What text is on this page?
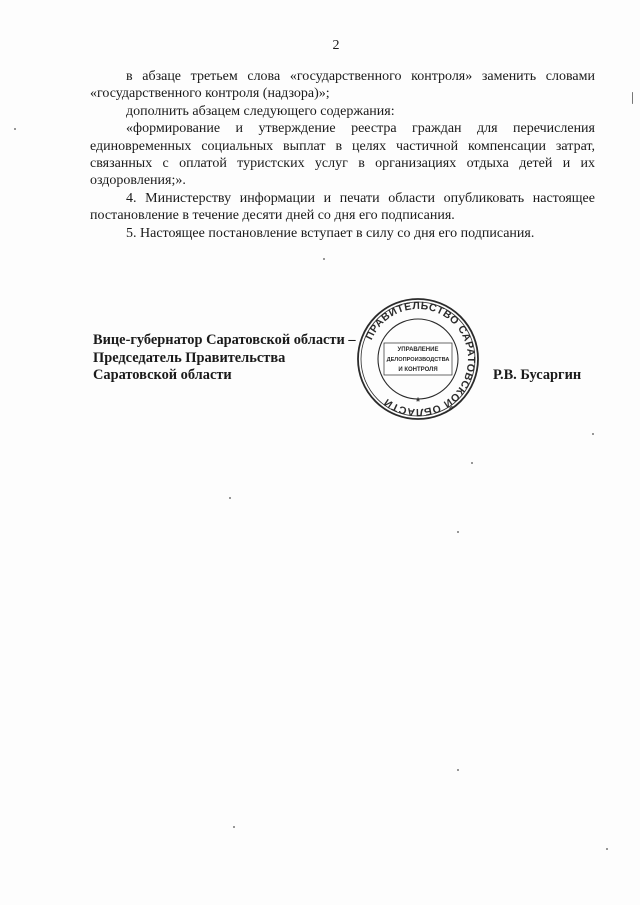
2

в абзаце третьем слова «государственного контроля» заменить словами «государственного контроля (надзора)»;

дополнить абзацем следующего содержания:

«формирование и утверждение реестра граждан для перечисления единовременных социальных выплат в целях частичной компенсации затрат, связанных с оплатой туристских услуг в организациях отдыха детей и их оздоровления;».

4. Министерству информации и печати области опубликовать настоящее постановление в течение десяти дней со дня его подписания.

5. Настоящее постановление вступает в силу со дня его подписания.

Вице-губернатор Саратовской области –
Председатель Правительства
Саратовской области
ПРАВИТЕЛЬСТВО САРАТОВСКОЙ ОБЛАСТИ
УПРАВЛЕНИЕ
ДЕЛОПРОИЗВОДСТВА
И КОНТРОЛЯ
*
Р.В. Бусаргин
